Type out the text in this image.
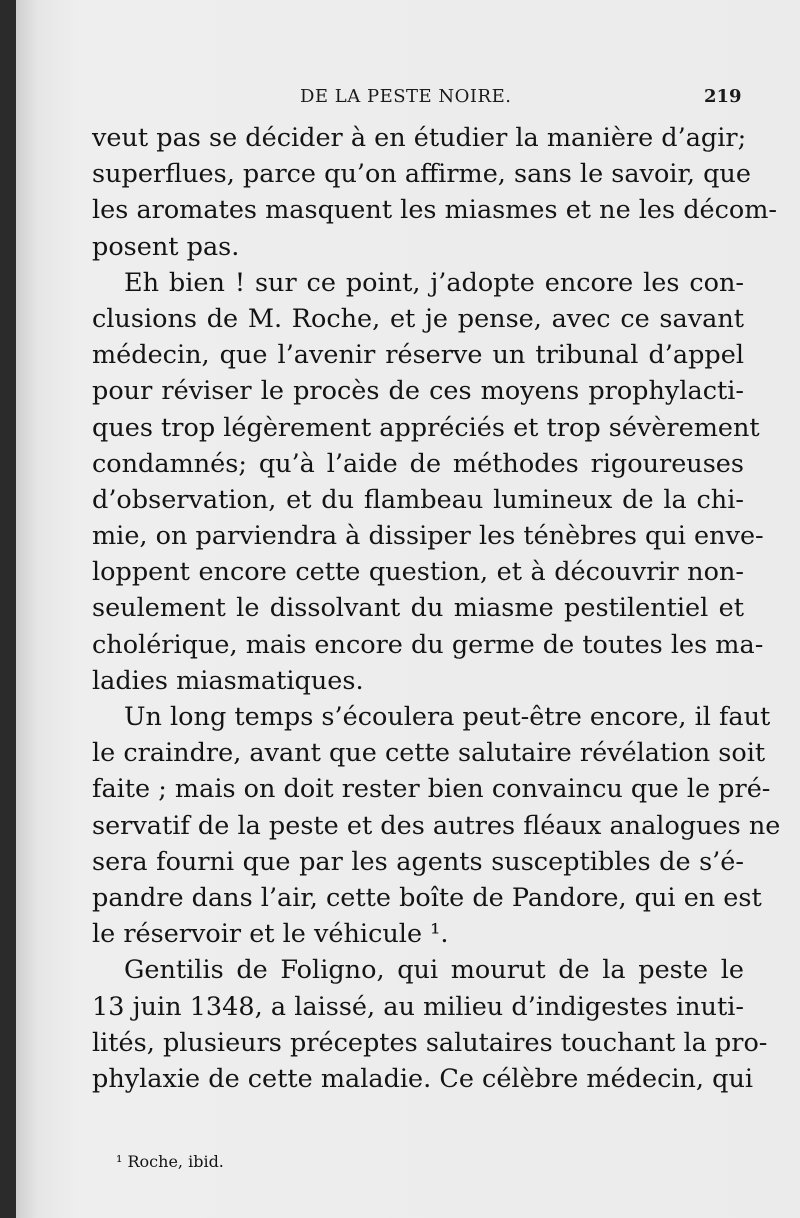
DE LA PESTE NOIRE.	219
veut pas se décider à en étudier la manière d’agir;
superflues, parce qu’on affirme, sans le savoir, que
les aromates masquent les miasmes et ne les décom-
posent pas.
Eh bien ! sur ce point, j’adopte encore les con-
clusions de M. Roche, et je pense, avec ce savant
médecin, que l’avenir réserve un tribunal d’appel
pour réviser le procès de ces moyens prophylacti-
ques trop légèrement appréciés et trop sévèrement
condamnés; qu’à l’aide de méthodes rigoureuses
d’observation, et du flambeau lumineux de la chi-
mie, on parviendra à dissiper les ténèbres qui enve-
loppent encore cette question, et à découvrir non-
seulement le dissolvant du miasme pestilentiel et
cholérique, mais encore du germe de toutes les ma-
ladies miasmatiques.
Un long temps s’écoulera peut-être encore, il faut
le craindre, avant que cette salutaire révélation soit
faite ; mais on doit rester bien convaincu que le pré-
servatif de la peste et des autres fléaux analogues ne
sera fourni que par les agents susceptibles de s’é-
pandre dans l’air, cette boîte de Pandore, qui en est
le réservoir et le véhicule ¹.
Gentilis de Foligno, qui mourut de la peste le
13 juin 1348, a laissé, au milieu d’indigestes inuti-
lités, plusieurs préceptes salutaires touchant la pro-
phylaxie de cette maladie. Ce célèbre médecin, qui
¹ Roche, ibid.
